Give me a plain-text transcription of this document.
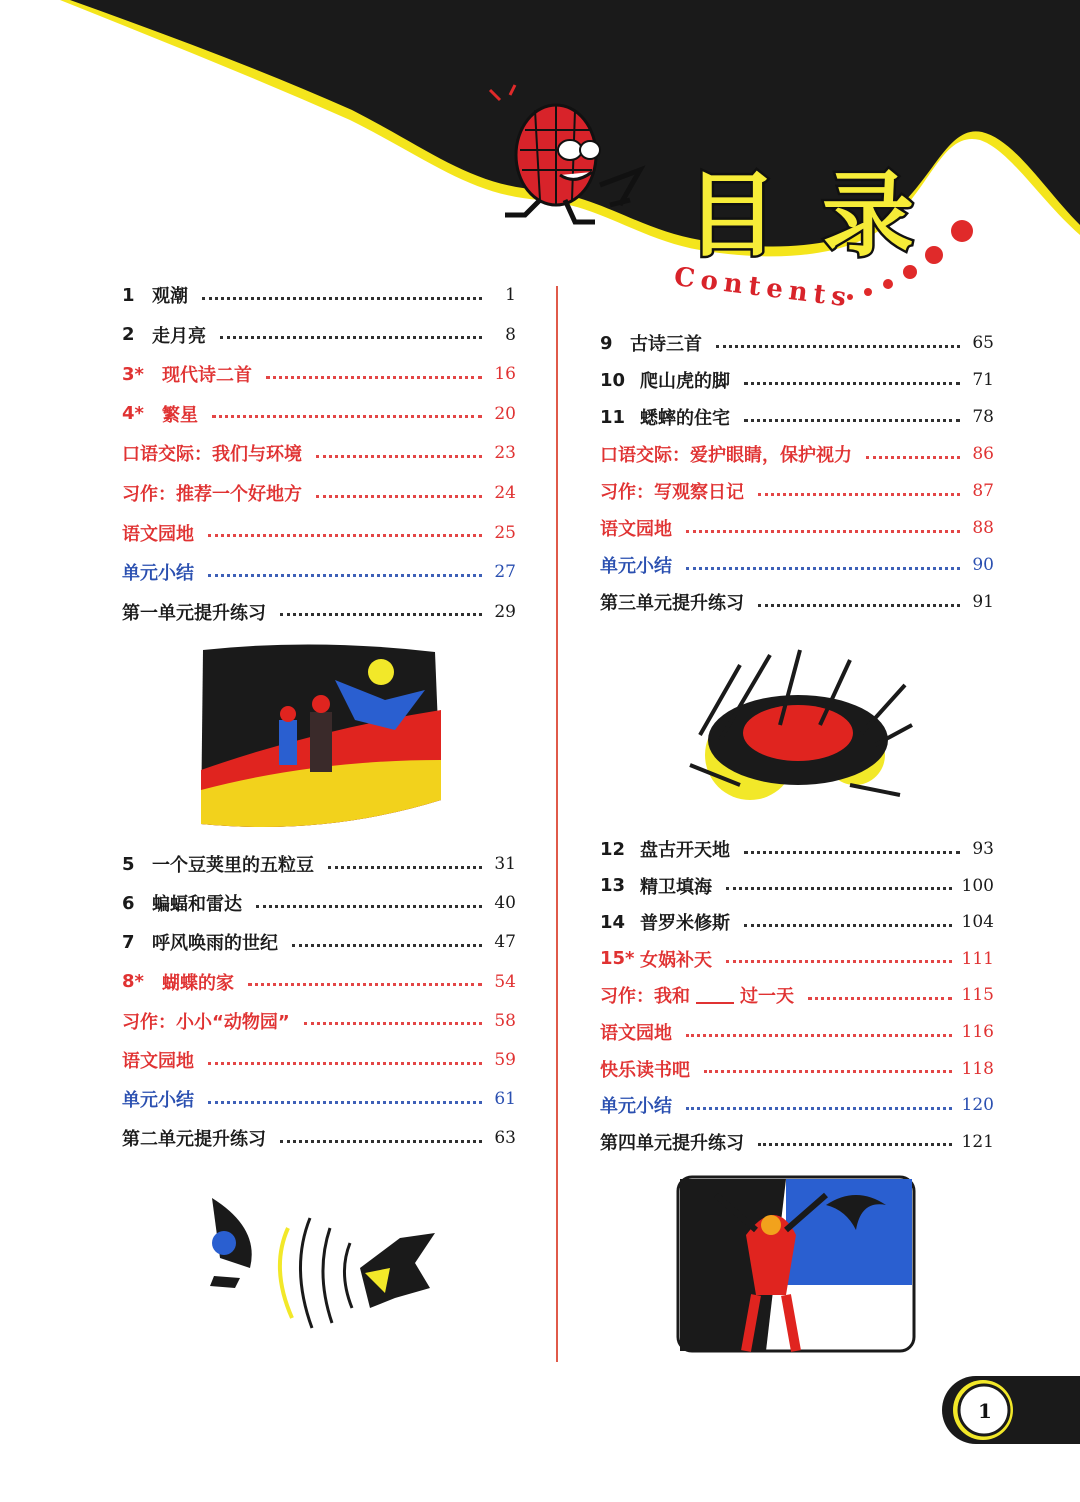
目 录
Contents
1 观潮	1
2 走月亮	8
3*	现代诗二首	16
4*	繁星	20
口语交际：我们与环境	23
习作：推荐一个好地方	24
语文园地	25
单元小结	27
第一单元提升练习	29
5 一个豆荚里的五粒豆	31
6 蝙蝠和雷达	40
7 呼风唤雨的世纪	47
8*	蝴蝶的家	54
习作：小小“动物园”	58
语文园地	59
单元小结	61
第二单元提升练习	63
9 古诗三首	65
10 爬山虎的脚	71
11 蟋蟀的住宅	78
口语交际：爱护眼睛，保护视力	86
习作：写观察日记	87
语文园地	88
单元小结	90
第三单元提升练习	91
12 盘古开天地	93
13 精卫填海	100
14 普罗米修斯	104
15* 女娲补天	111
习作：我和	过一天	115
语文园地	116
快乐读书吧	118
单元小结	120
第四单元提升练习	121
1
